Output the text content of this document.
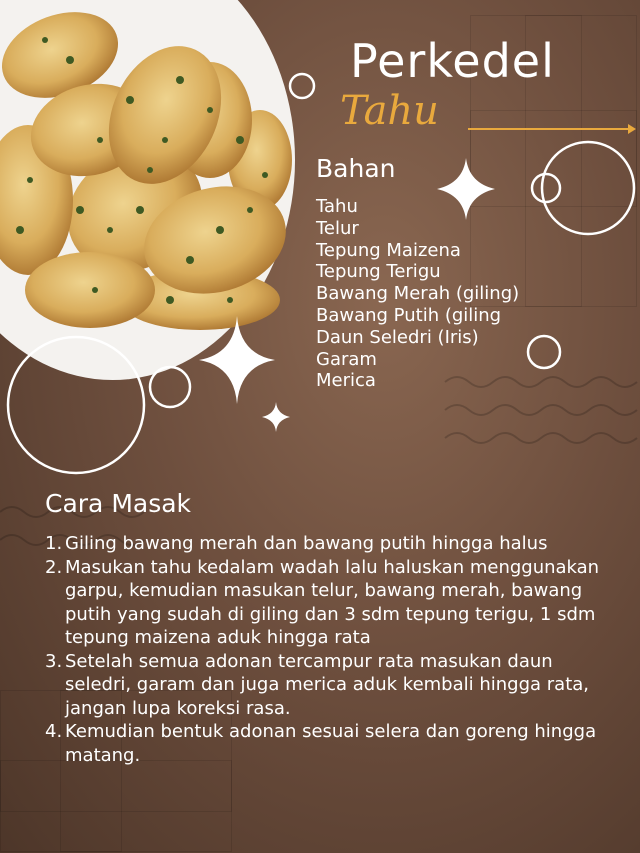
Perkedel
Tahu
Bahan
Tahu
Telur
Tepung Maizena
Tepung Terigu
Bawang Merah (giling)
Bawang Putih (giling
Daun Seledri (Iris)
Garam
Merica
Cara Masak
1. Giling bawang merah dan bawang putih hingga halus
2. Masukan tahu kedalam wadah lalu haluskan menggunakan garpu, kemudian masukan telur, bawang merah, bawang putih yang sudah di giling dan 3 sdm tepung terigu, 1 sdm tepung maizena aduk hingga rata
3. Setelah semua adonan tercampur rata masukan daun seledri, garam dan juga merica aduk kembali hingga rata, jangan lupa koreksi rasa.
4. Kemudian bentuk adonan sesuai selera dan goreng hingga matang.
